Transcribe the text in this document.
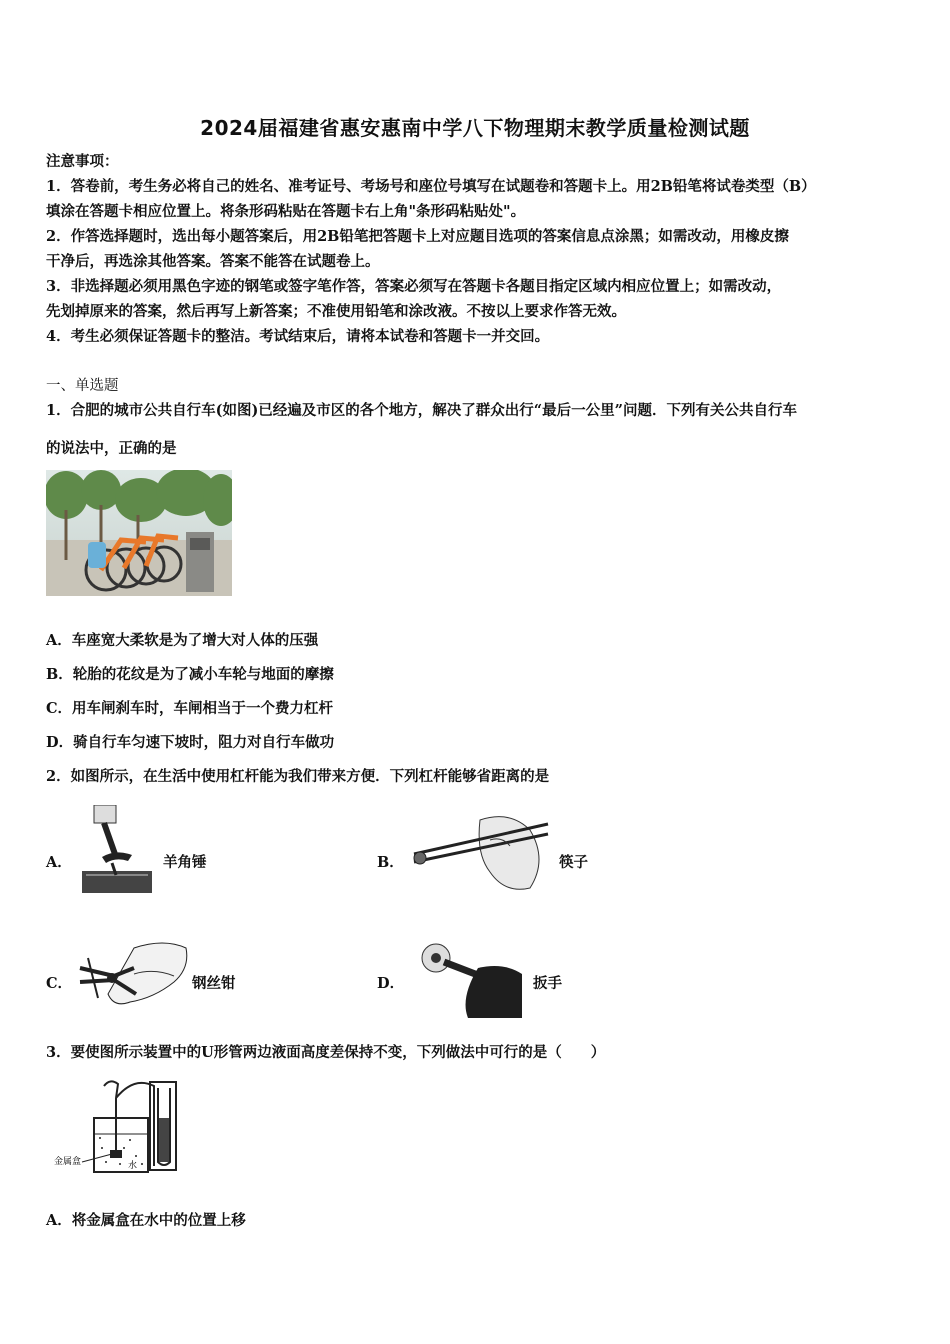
2024届福建省惠安惠南中学八下物理期末教学质量检测试题
注意事项：
1．答卷前，考生务必将自己的姓名、准考证号、考场号和座位号填写在试题卷和答题卡上。用2B铅笔将试卷类型（B）
填涂在答题卡相应位置上。将条形码粘贴在答题卡右上角"条形码粘贴处"。
2．作答选择题时，选出每小题答案后，用2B铅笔把答题卡上对应题目选项的答案信息点涂黑；如需改动，用橡皮擦
干净后，再选涂其他答案。答案不能答在试题卷上。
3．非选择题必须用黑色字迹的钢笔或签字笔作答，答案必须写在答题卡各题目指定区域内相应位置上；如需改动，
先划掉原来的答案，然后再写上新答案；不准使用铅笔和涂改液。不按以上要求作答无效。
4．考生必须保证答题卡的整洁。考试结束后，请将本试卷和答题卡一并交回。
一、单选题
1．合肥的城市公共自行车(如图)已经遍及市区的各个地方，解决了群众出行“最后一公里”问题．下列有关公共自行车
的说法中，正确的是
A．车座宽大柔软是为了增大对人体的压强
B．轮胎的花纹是为了减小车轮与地面的摩擦
C．用车闸刹车时，车闸相当于一个费力杠杆
D．骑自行车匀速下坡时，阻力对自行车做功
2．如图所示，在生活中使用杠杆能为我们带来方便．下列杠杆能够省距离的是
A．	羊角锤	B．	筷子
C．	钢丝钳	D．	扳手
3．要使图所示装置中的U形管两边液面高度差保持不变，下列做法中可行的是（　　）
金属盒	水
A．将金属盒在水中的位置上移
